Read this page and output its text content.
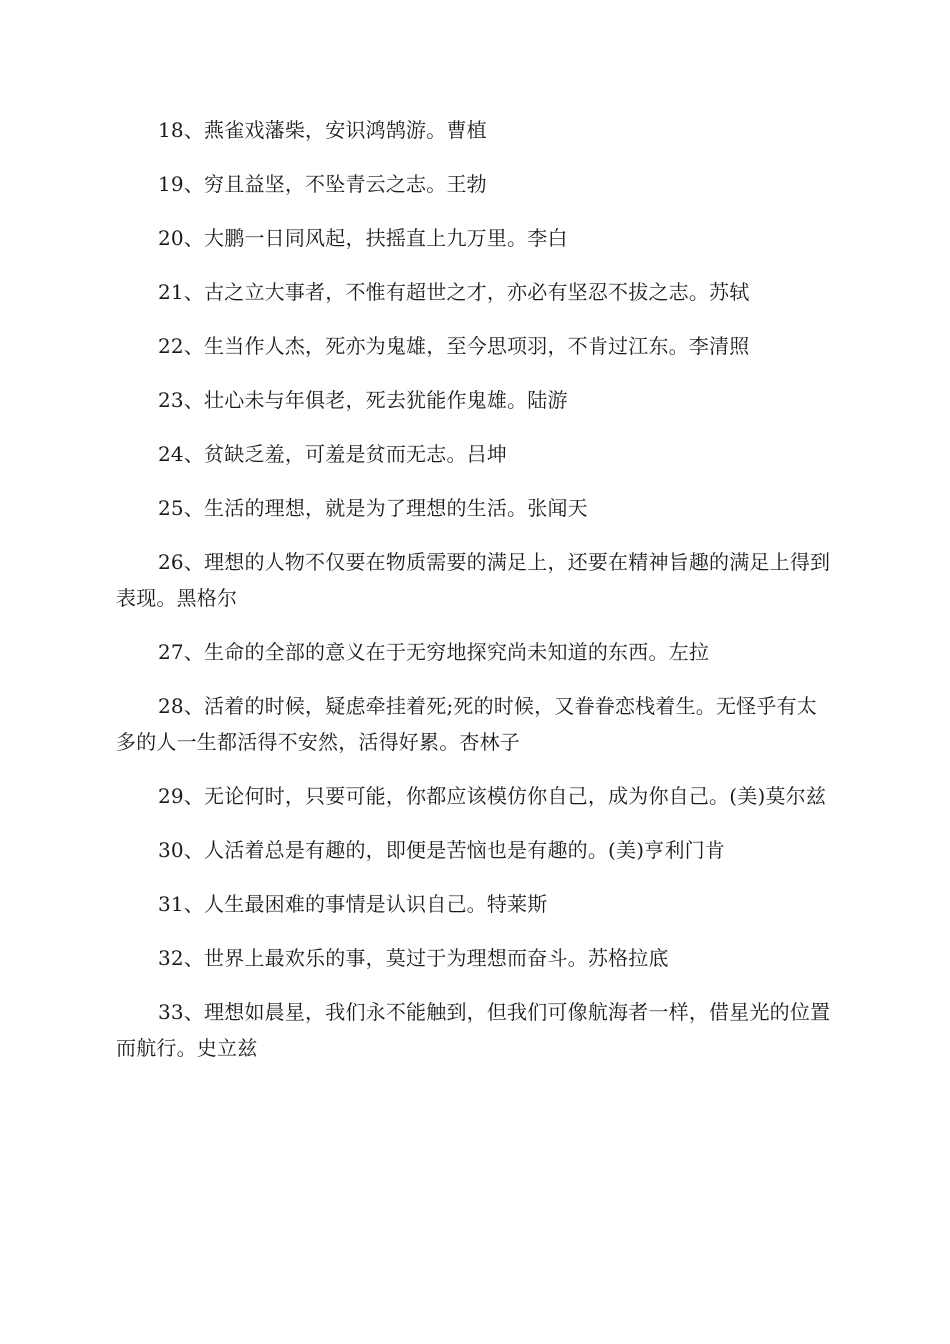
18、燕雀戏藩柴，安识鸿鹄游。曹植

19、穷且益坚，不坠青云之志。王勃

20、大鹏一日同风起，扶摇直上九万里。李白

21、古之立大事者，不惟有超世之才，亦必有坚忍不拔之志。苏轼

22、生当作人杰，死亦为鬼雄，至今思项羽，不肯过江东。李清照

23、壮心未与年俱老，死去犹能作鬼雄。陆游

24、贫缺乏羞，可羞是贫而无志。吕坤

25、生活的理想，就是为了理想的生活。张闻天

26、理想的人物不仅要在物质需要的满足上，还要在精神旨趣的满足上得到表现。黑格尔

27、生命的全部的意义在于无穷地探究尚未知道的东西。左拉

28、活着的时候，疑虑牵挂着死;死的时候，又眷眷恋栈着生。无怪乎有太多的人一生都活得不安然，活得好累。杏林子

29、无论何时，只要可能，你都应该模仿你自己，成为你自己。(美)莫尔兹

30、人活着总是有趣的，即便是苦恼也是有趣的。(美)亨利门肯

31、人生最困难的事情是认识自己。特莱斯

32、世界上最欢乐的事，莫过于为理想而奋斗。苏格拉底

33、理想如晨星，我们永不能触到，但我们可像航海者一样，借星光的位置而航行。史立兹
